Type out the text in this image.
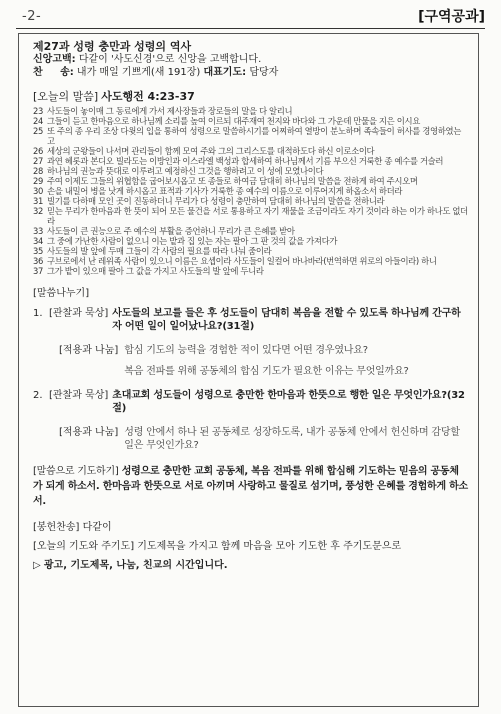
-2-	[구역공과]
제27과 성령 충만과 성령의 역사
신앙고백: 다같이 '사도신경'으로 신앙을 고백합니다.
찬     송: 내가 매일 기쁘게(새 191장) 대표기도: 담당자
[오늘의 말씀] 사도행전 4:23-37
23 사도들이 놓이매 그 동료에게 가서 제사장들과 장로들의 말을 다 알리니
24 그들이 듣고 한마음으로 하나님께 소리를 높여 이르되 대주재여 천지와 바다와 그 가운데 만물을 지은 이시요
25 또 주의 종 우리 조상 다윗의 입을 통하여 성령으로 말씀하시기를 어찌하여 열방이 분노하며 족속들이 허사를 경영하였는고
26 세상의 군왕들이 나서며 관리들이 함께 모여 주와 그의 그리스도를 대적하도다 하신 이로소이다
27 과연 헤롯과 본디오 빌라도는 이방인과 이스라엘 백성과 합세하여 하나님께서 기름 부으신 거룩한 종 예수를 거슬러
28 하나님의 권능과 뜻대로 이루려고 예정하신 그것을 행하려고 이 성에 모였나이다
29 주여 이제도 그들의 위협함을 굽어보시옵고 또 종들로 하여금 담대히 하나님의 말씀을 전하게 하여 주시오며
30 손을 내밀어 병을 낫게 하시옵고 표적과 기사가 거룩한 종 예수의 이름으로 이루어지게 하옵소서 하더라
31 빌기를 다하매 모인 곳이 진동하더니 무리가 다 성령이 충만하여 담대히 하나님의 말씀을 전하니라
32 믿는 무리가 한마음과 한 뜻이 되어 모든 물건을 서로 통용하고 자기 재물을 조금이라도 자기 것이라 하는 이가 하나도 없더라
33 사도들이 큰 권능으로 주 예수의 부활을 증언하니 무리가 큰 은혜를 받아
34 그 중에 가난한 사람이 없으니 이는 밭과 집 있는 자는 팔아 그 판 것의 값을 가져다가
35 사도들의 발 앞에 두매 그들이 각 사람의 필요를 따라 나눠 줌이라
36 구브로에서 난 레위족 사람이 있으니 이름은 요셉이라 사도들이 일컬어 바나바라(번역하면 위로의 아들이라) 하니
37 그가 밭이 있으매 팔아 그 값을 가지고 사도들의 발 앞에 두니라
[말씀나누기]
1. [관찰과 묵상] 사도들의 보고를 들은 후 성도들이 담대히 복음을 전할 수 있도록 하나님께 간구하자 어떤 일이 일어났나요?(31절)
[적용과 나눔] 합심 기도의 능력을 경험한 적이 있다면 어떤 경우였나요?
복음 전파를 위해 공동체의 합심 기도가 필요한 이유는 무엇일까요?
2. [관찰과 묵상] 초대교회 성도들이 성령으로 충만한 한마음과 한뜻으로 행한 일은 무엇인가요?(32절)
[적용과 나눔] 성령 안에서 하나 된 공동체로 성장하도록, 내가 공동체 안에서 헌신하며 감당할 일은 무엇인가요?
[말씀으로 기도하기] 성령으로 충만한 교회 공동체, 복음 전파를 위해 합심해 기도하는 믿음의 공동체가 되게 하소서. 한마음과 한뜻으로 서로 아끼며 사랑하고 물질로 섬기며, 풍성한 은혜를 경험하게 하소서.
[봉헌찬송] 다같이
[오늘의 기도와 주기도] 기도제목을 가지고 함께 마음을 모아 기도한 후 주기도문으로
▷ 광고, 기도제목, 나눔, 친교의 시간입니다.
